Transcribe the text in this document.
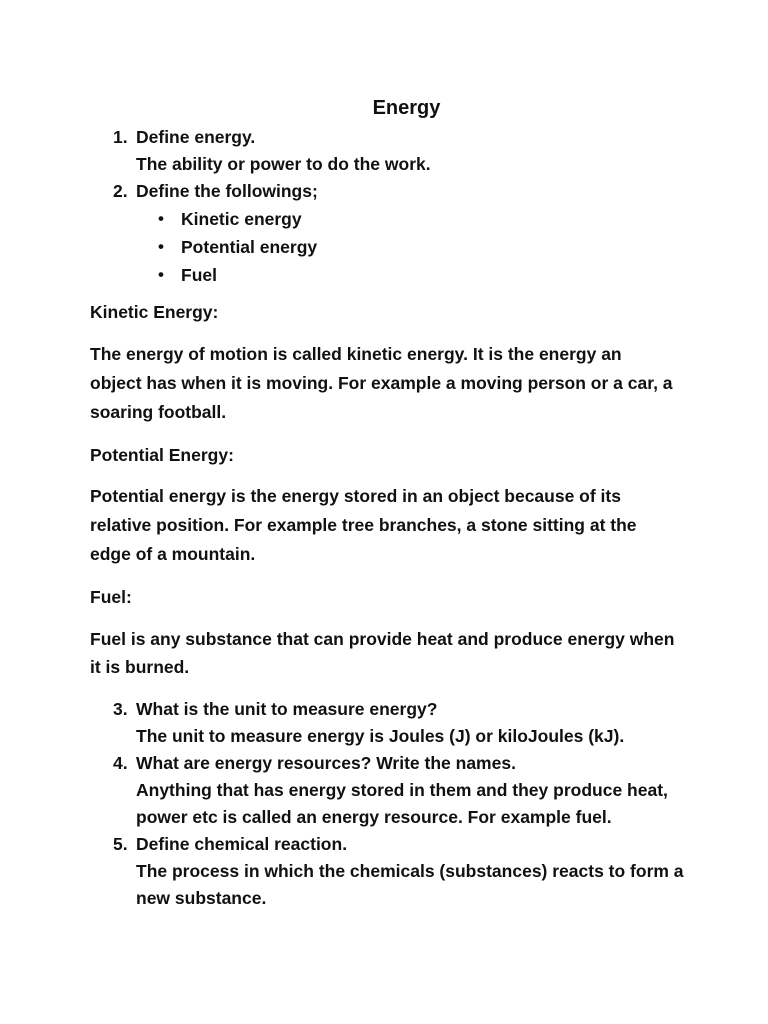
Energy
1. Define energy.
The ability or power to do the work.
2. Define the followings;
• Kinetic energy
• Potential energy
• Fuel
Kinetic Energy:
The energy of motion is called kinetic energy. It is the energy an
object has when it is moving. For example a moving person or a car, a
soaring football.
Potential Energy:
Potential energy is the energy stored in an object because of its
relative position. For example tree branches, a stone sitting at the
edge of a mountain.
Fuel:
Fuel is any substance that can provide heat and produce energy when
it is burned.
3. What is the unit to measure energy?
The unit to measure energy is Joules (J) or kiloJoules (kJ).
4. What are energy resources? Write the names.
Anything that has energy stored in them and they produce heat,
power etc is called an energy resource. For example fuel.
5. Define chemical reaction.
The process in which the chemicals (substances) reacts to form a
new substance.
